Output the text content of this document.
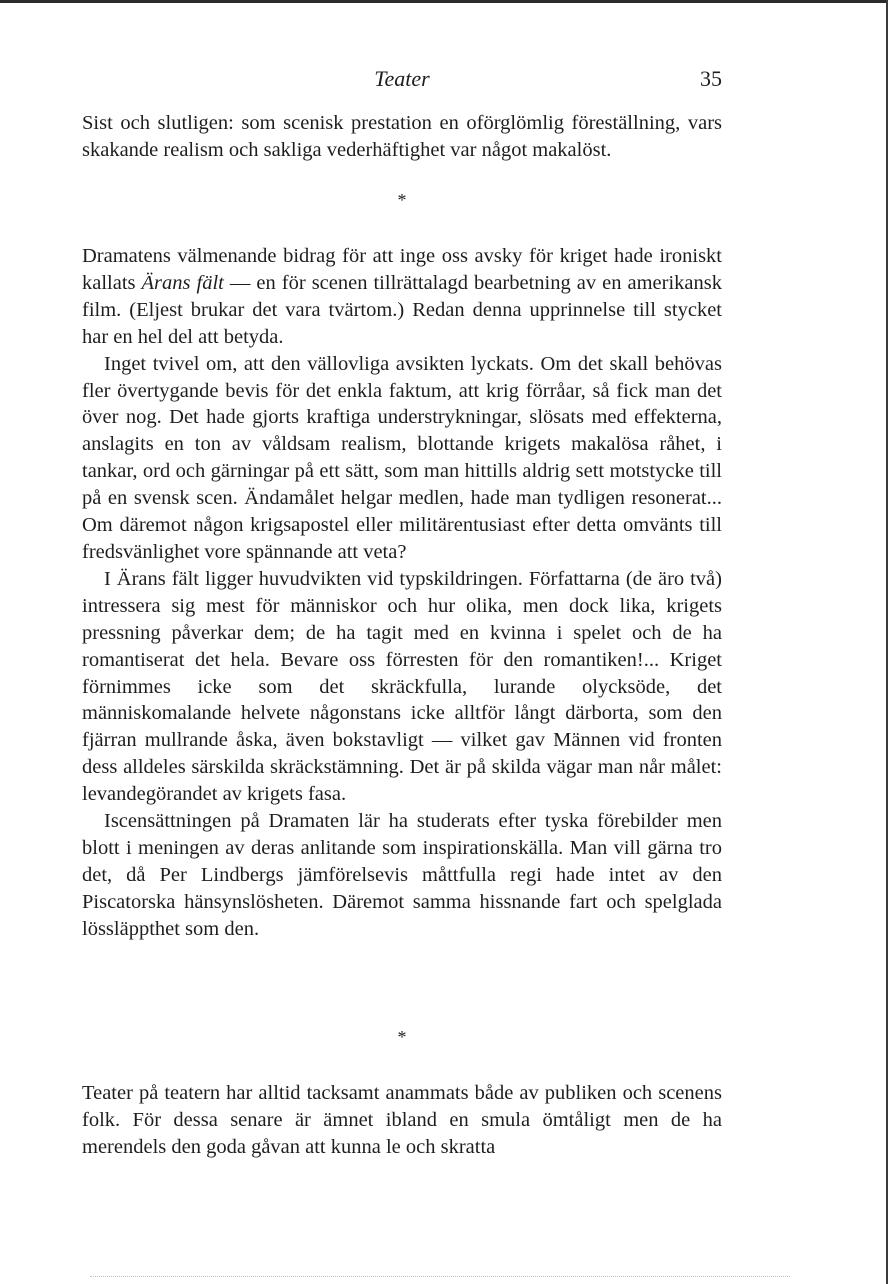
Teater	35

Sist och slutligen: som scenisk prestation en oförglömlig föreställning, vars skakande realism och sakliga vederhäftighet var något makalöst.

*

Dramatens välmenande bidrag för att inge oss avsky för kriget hade ironiskt kallats Ärans fält — en för scenen tillrättalagd bearbetning av en amerikansk film. (Eljest brukar det vara tvärtom.) Redan denna upprinnelse till stycket har en hel del att betyda.

Inget tvivel om, att den vällovliga avsikten lyckats. Om det skall behövas fler övertygande bevis för det enkla faktum, att krig förråar, så fick man det över nog. Det hade gjorts kraftiga understrykningar, slösats med effekterna, anslagits en ton av våldsam realism, blottande krigets makalösa råhet, i tankar, ord och gärningar på ett sätt, som man hittills aldrig sett motstycke till på en svensk scen. Ändamålet helgar medlen, hade man tydligen resonerat... Om däremot någon krigsapostel eller militärentusiast efter detta omvänts till fredsvänlighet vore spännande att veta?

I Ärans fält ligger huvudvikten vid typskildringen. Författarna (de äro två) intressera sig mest för människor och hur olika, men dock lika, krigets pressning påverkar dem; de ha tagit med en kvinna i spelet och de ha romantiserat det hela. Bevare oss förresten för den romantiken!... Kriget förnimmes icke som det skräckfulla, lurande olycksöde, det människomalande helvete någonstans icke alltför långt därborta, som den fjärran mullrande åska, även bokstavligt — vilket gav Männen vid fronten dess alldeles särskilda skräckstämning. Det är på skilda vägar man når målet: levandegörandet av krigets fasa.

Iscensättningen på Dramaten lär ha studerats efter tyska förebilder men blott i meningen av deras anlitande som inspirationskälla. Man vill gärna tro det, då Per Lindbergs jämförelsevis måttfulla regi hade intet av den Piscatorska hänsynslösheten. Däremot samma hissnande fart och spelglada lössläppthet som den.

*

Teater på teatern har alltid tacksamt anammats både av publiken och scenens folk. För dessa senare är ämnet ibland en smula ömtåligt men de ha merendels den goda gåvan att kunna le och skratta
